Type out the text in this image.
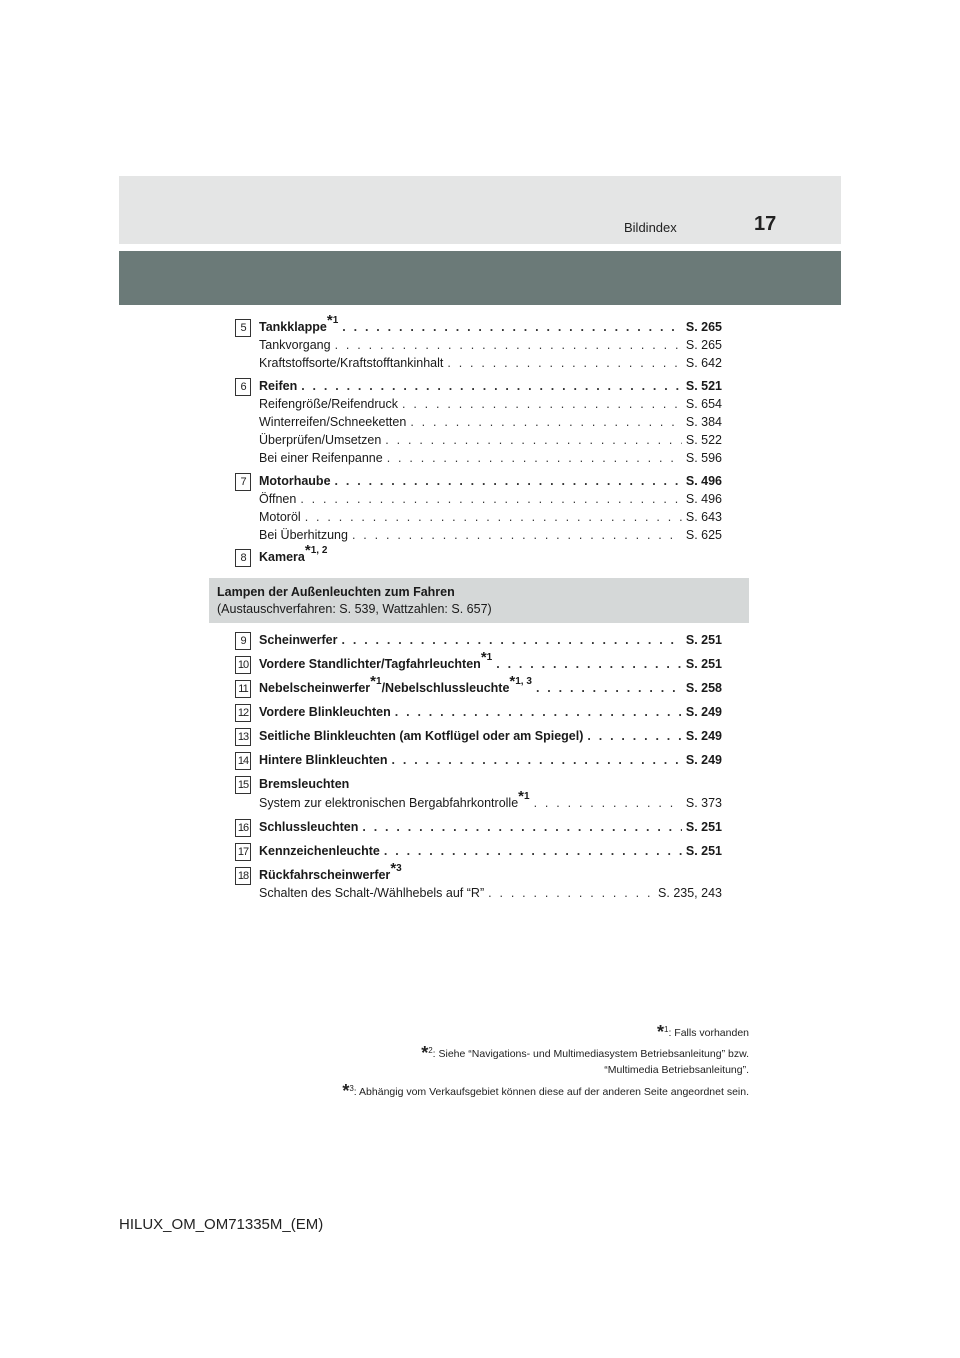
Bildindex	17
5	Tankklappe$^{*1}$ . . .	S. 265
Tankvorgang . . .	S. 265
Kraftstoffsorte/Kraftstofftankinhalt . . .	S. 642
6	Reifen . . .	S. 521
Reifengröße/Reifendruck . . .	S. 654
Winterreifen/Schneeketten . . .	S. 384
Überprüfen/Umsetzen . . .	S. 522
Bei einer Reifenpanne . . .	S. 596
7	Motorhaube . . .	S. 496
Öffnen . . .	S. 496
Motoröl . . .	S. 643
Bei Überhitzung . . .	S. 625
8	Kamera$^{*1, 2}$
Lampen der Außenleuchten zum Fahren
(Austauschverfahren: S. 539, Wattzahlen: S. 657)
9	Scheinwerfer . . .	S. 251
10 Vordere Standlichter/Tagfahrleuchten$^{*1}$ . . .	S. 251
11 Nebelscheinwerfer$^{*1}$/Nebelschlussleuchte$^{*1, 3}$ . . .	S. 258
12 Vordere Blinkleuchten . . .	S. 249
13 Seitliche Blinkleuchten (am Kotflügel oder am Spiegel) . . .	S. 249
14 Hintere Blinkleuchten . . .	S. 249
15 Bremsleuchten
System zur elektronischen Bergabfahrkontrolle$^{*1}$ . . .	S. 373
16 Schlussleuchten . . .	S. 251
17 Kennzeichenleuchte . . .	S. 251
18 Rückfahrscheinwerfer$^{*3}$
Schalten des Schalt-/Wählhebels auf “R” . . .	S. 235, 243
*$^1$: Falls vorhanden
*$^2$: Siehe “Navigations- und Multimediasystem Betriebsanleitung” bzw.
“Multimedia Betriebsanleitung”.
*$^3$: Abhängig vom Verkaufsgebiet können diese auf der anderen Seite angeordnet sein.
HILUX_OM_OM71335M_(EM)
